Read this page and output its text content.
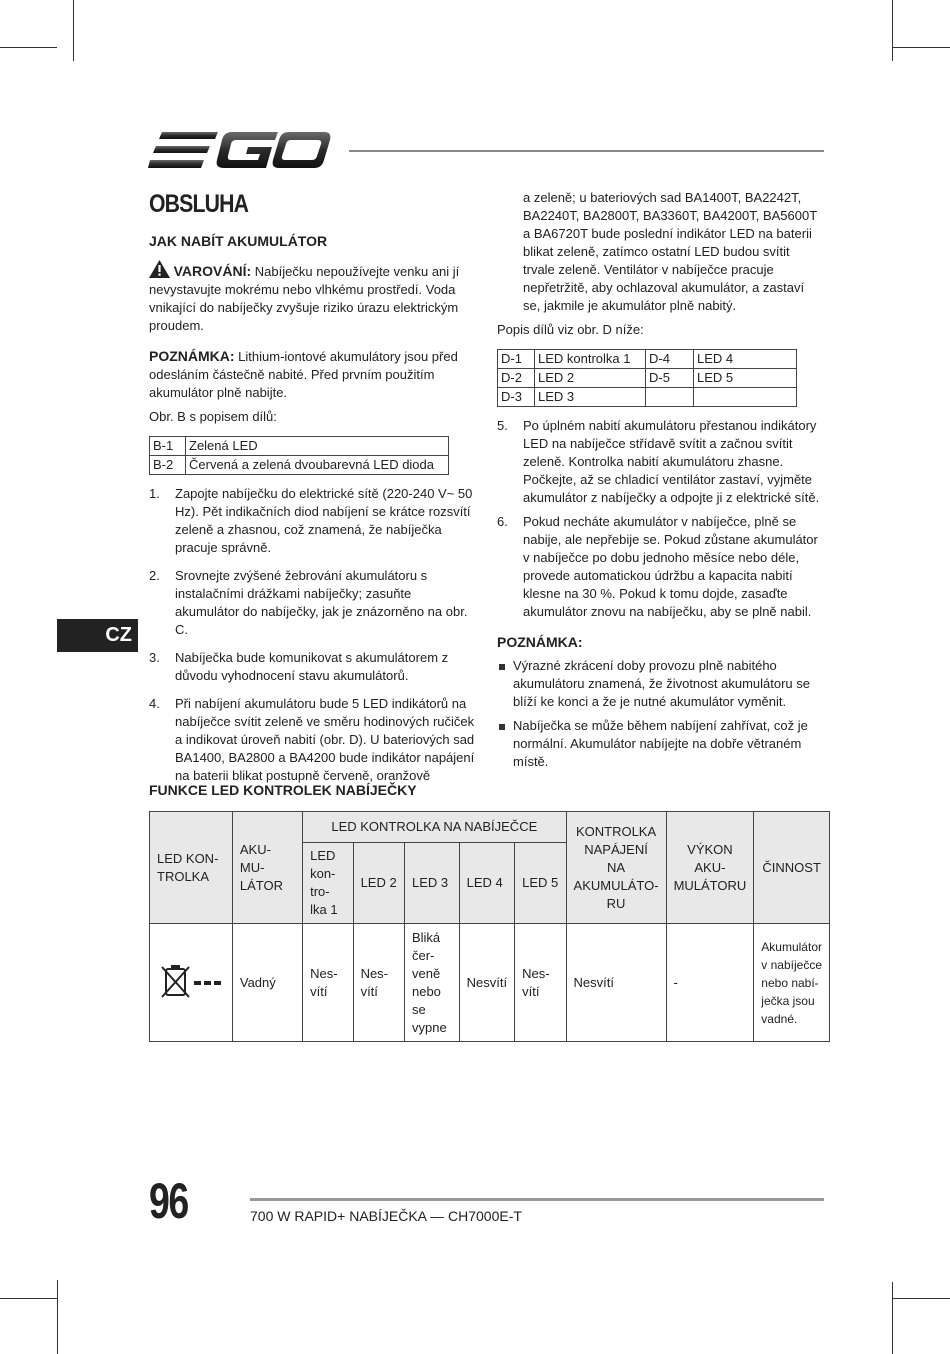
OBSLUHA

JAK NABÍT AKUMULÁTOR

VAROVÁNÍ: Nabíječku nepoužívejte venku ani jí nevystavujte mokrému nebo vlhkému prostředí. Voda vnikající do nabíječky zvyšuje riziko úrazu elektrickým proudem.

POZNÁMKA: Lithium-iontové akumulátory jsou před odesláním částečně nabité. Před prvním použitím akumulátor plně nabijte.

Obr. B s popisem dílů:

B-1	Zelená LED
B-2	Červená a zelená dvoubarevná LED dioda
1. Zapojte nabíječku do elektrické sítě (220-240 V~ 50 Hz). Pět indikačních diod nabíjení se krátce rozsvítí zeleně a zhasnou, což znamená, že nabíječka pracuje správně.
2. Srovnejte zvýšené žebrování akumulátoru s instalačními drážkami nabíječky; zasuňte akumulátor do nabíječky, jak je znázorněno na obr. C.
3. Nabíječka bude komunikovat s akumulátorem z důvodu vyhodnocení stavu akumulátorů.
4. Při nabíjení akumulátoru bude 5 LED indikátorů na nabíječce svítit zeleně ve směru hodinových ručiček a indikovat úroveň nabití (obr. D). U bateriových sad BA1400, BA2800 a BA4200 bude indikátor napájení na baterii blikat postupně červeně, oranžově

a zeleně; u bateriových sad BA1400T, BA2242T, BA2240T, BA2800T, BA3360T, BA4200T, BA5600T a BA6720T bude poslední indikátor LED na baterii blikat zeleně, zatímco ostatní LED budou svítit trvale zeleně. Ventilátor v nabíječce pracuje nepřetržitě, aby ochlazoval akumulátor, a zastaví se, jakmile je akumulátor plně nabitý.

Popis dílů viz obr. D níže:

D-1	LED kontrolka 1	D-4	LED 4
D-2	LED 2	D-5	LED 5
D-3	LED 3		
5. Po úplném nabití akumulátoru přestanou indikátory LED na nabíječce střídavě svítit a začnou svítit zeleně. Kontrolka nabití akumulátoru zhasne. Počkejte, až se chladicí ventilátor zastaví, vyjměte akumulátor z nabíječky a odpojte ji z elektrické sítě.
6. Pokud necháte akumulátor v nabíječce, plně se nabije, ale nepřebije se. Pokud zůstane akumulátor v nabíječce po dobu jednoho měsíce nebo déle, provede automatickou údržbu a kapacita nabití klesne na 30 %. Pokud k tomu dojde, zasaďte akumulátor znovu na nabíječku, aby se plně nabil.

POZNÁMKA:

Výrazné zkrácení doby provozu plně nabitého akumulátoru znamená, že životnost akumulátoru se blíží ke konci a že je nutné akumulátor vyměnit.
Nabíječka se může během nabíjení zahřívat, což je normální. Akumulátor nabíjejte na dobře větraném místě.
CZ
FUNKCE LED KONTROLEK NABÍJEČKY
LED KON-TROLKA	AKU-MU-LÁTOR	LED KONTROLKA NA NABÍJEČCE					KONTROLKA NAPÁJENÍ NA AKUMULÁTO-RU	VÝKON AKU-MULÁTORU	ČINNOST
		LED kon-tro-lka 1	LED 2	LED 3	LED 4	LED 5			
	Vadný	Nes-vítí	Nes-vítí	Bliká čer-veně nebo se vypne	Nesvítí	Nes-vítí	Nesvítí	-	Akumulátor v nabíječce nebo nabí-ječka jsou vadné.
96	700 W RAPID+ NABÍJEČKA — CH7000E-T
